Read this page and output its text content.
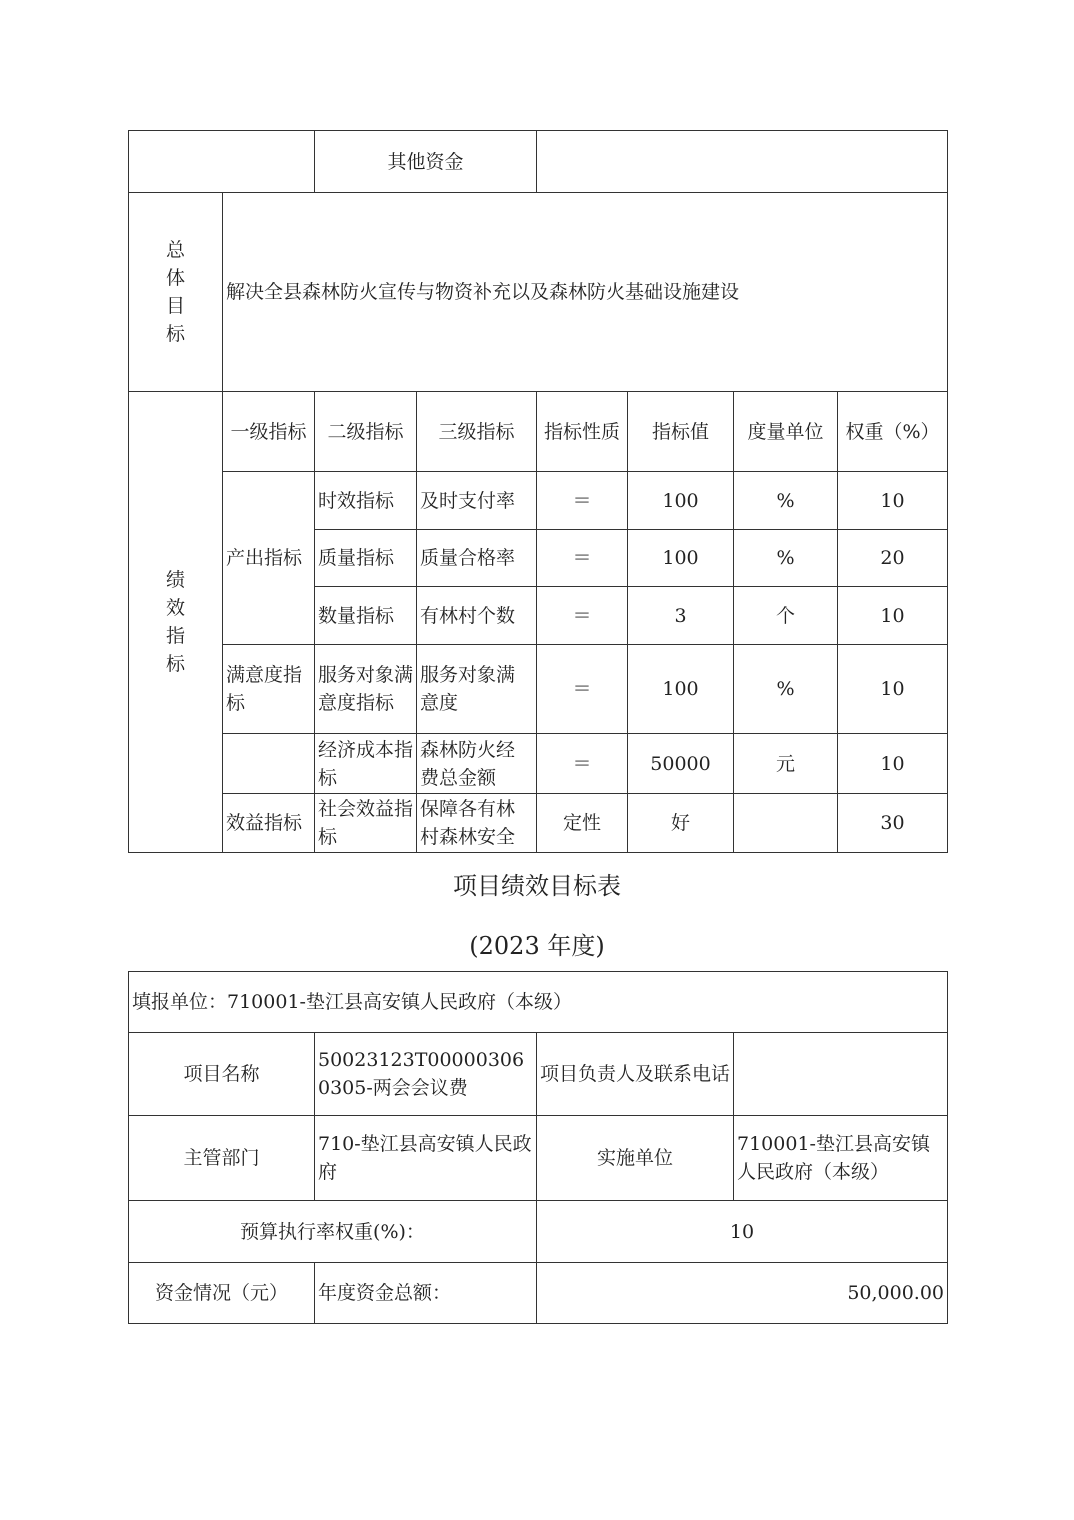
		其他资金					

总体目标	解决全县森林防火宣传与物资补充以及森林防火基础设施建设						

绩效指标	一级指标	二级指标	三级指标	指标性质	指标值	度量单位	权重（%）
	产出指标	时效指标	及时支付率	＝	100	%	10
		质量指标	质量合格率	＝	100	%	20
		数量指标	有林村个数	＝	3	个	10
	满意度指标	服务对象满意度指标	服务对象满意度	＝	100	%	10
		经济成本指标	森林防火经费总金额	＝	50000	元	10
	效益指标	社会效益指标	保障各有林村森林安全	定性	好		30
项目绩效目标表
(2023 年度)
填报单位：710001-垫江县高安镇人民政府（本级）			
项目名称	50023123T000003060305-两会会议费	项目负责人及联系电话	
主管部门	710-垫江县高安镇人民政府	实施单位	710001-垫江县高安镇人民政府（本级）
预算执行率权重(%)：		10	

资金情况（元）	年度资金总额：	50,000.00	
